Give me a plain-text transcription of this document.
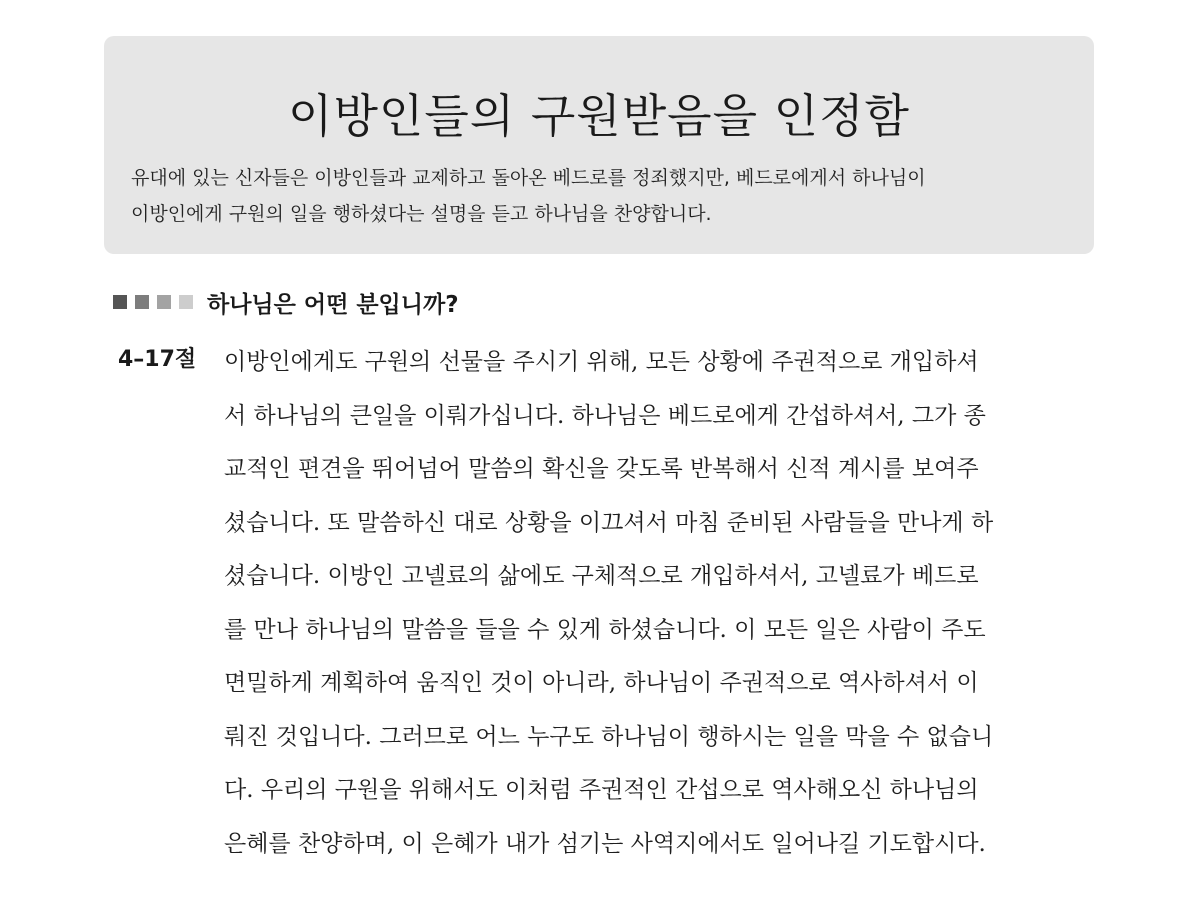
이방인들의 구원받음을 인정함

유대에 있는 신자들은 이방인들과 교제하고 돌아온 베드로를 정죄했지만, 베드로에게서 하나님이

이방인에게 구원의 일을 행하셨다는 설명을 듣고 하나님을 찬양합니다.

하나님은 어떤 분입니까?
4–17절 이방인에게도 구원의 선물을 주시기 위해, 모든 상황에 주권적으로 개입하셔

서 하나님의 큰일을 이뤄가십니다. 하나님은 베드로에게 간섭하셔서, 그가 종

교적인 편견을 뛰어넘어 말씀의 확신을 갖도록 반복해서 신적 계시를 보여주

셨습니다. 또 말씀하신 대로 상황을 이끄셔서 마침 준비된 사람들을 만나게 하

셨습니다. 이방인 고넬료의 삶에도 구체적으로 개입하셔서, 고넬료가 베드로

를 만나 하나님의 말씀을 들을 수 있게 하셨습니다. 이 모든 일은 사람이 주도

면밀하게 계획하여 움직인 것이 아니라, 하나님이 주권적으로 역사하셔서 이

뤄진 것입니다. 그러므로 어느 누구도 하나님이 행하시는 일을 막을 수 없습니

다. 우리의 구원을 위해서도 이처럼 주권적인 간섭으로 역사해오신 하나님의

은혜를 찬양하며, 이 은혜가 내가 섬기는 사역지에서도 일어나길 기도합시다.
